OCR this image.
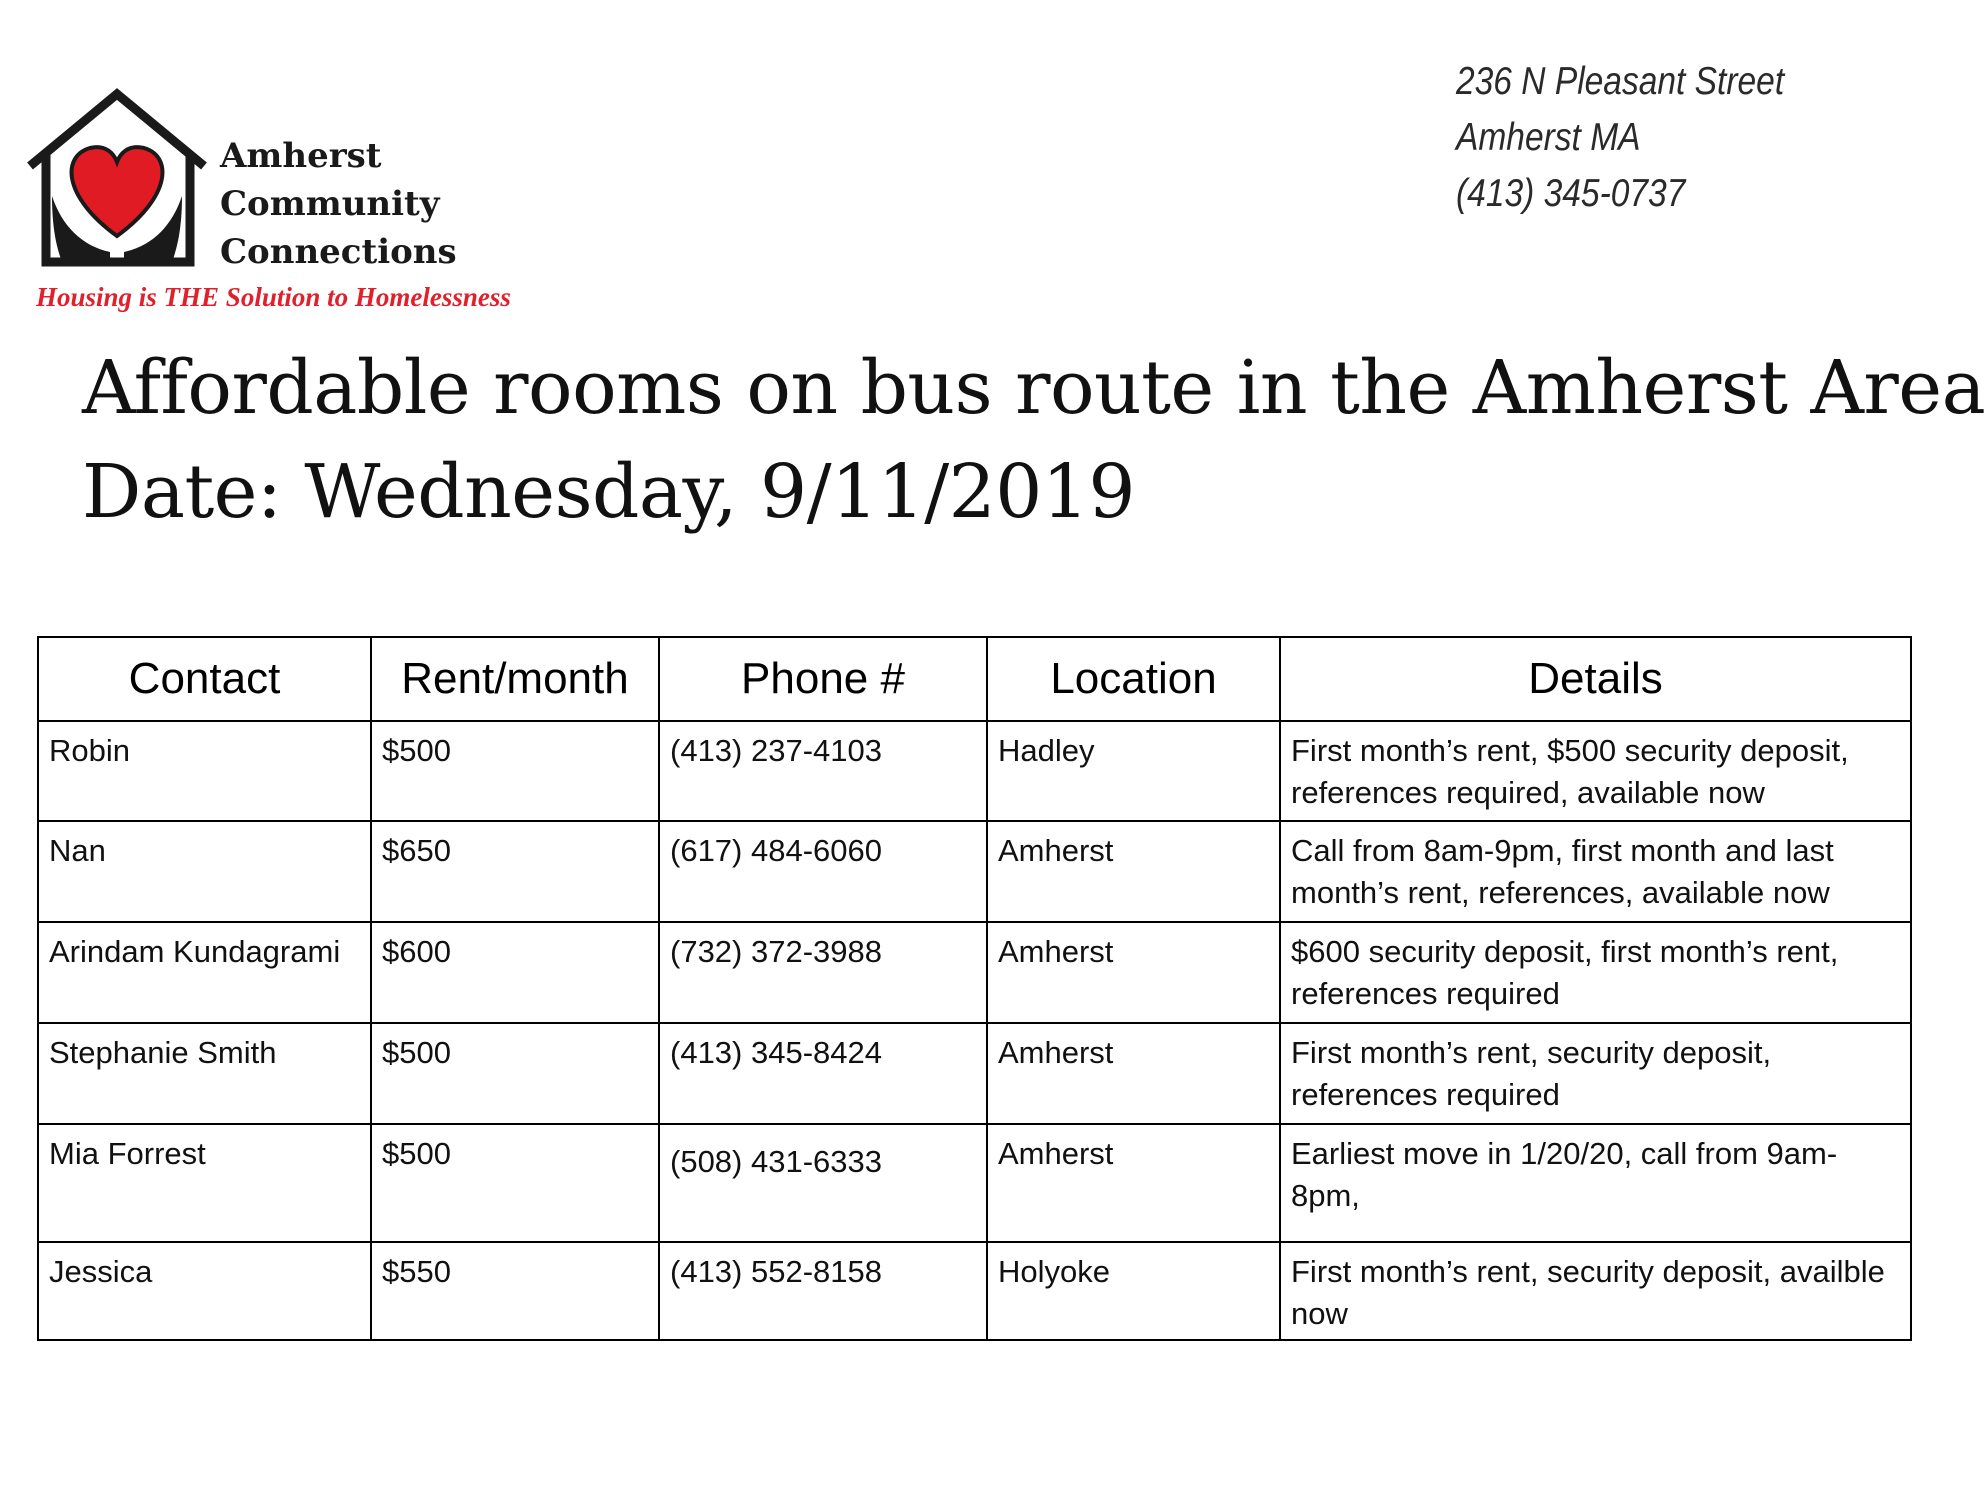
Amherst
Community
Connections
Housing is THE Solution to Homelessness
236 N Pleasant Street
Amherst MA
(413) 345-0737
Affordable rooms on bus route in the Amherst Area
Date: Wednesday, 9/11/2019
Contact	Rent/month	Phone #	Location	Details
Robin	$500	(413) 237-4103	Hadley	First month’s rent, $500 security deposit, references required, available now
Nan	$650	(617) 484-6060	Amherst	Call from 8am-9pm, first month and last month’s rent, references, available now
Arindam Kundagrami	$600	(732) 372-3988	Amherst	$600 security deposit, first month’s rent, references required
Stephanie Smith	$500	(413) 345-8424	Amherst	First month’s rent, security deposit, references required
Mia Forrest	$500	(508) 431-6333	Amherst	Earliest move in 1/20/20, call from 9am-8pm,
Jessica	$550	(413) 552-8158	Holyoke	First month’s rent, security deposit, availble now
